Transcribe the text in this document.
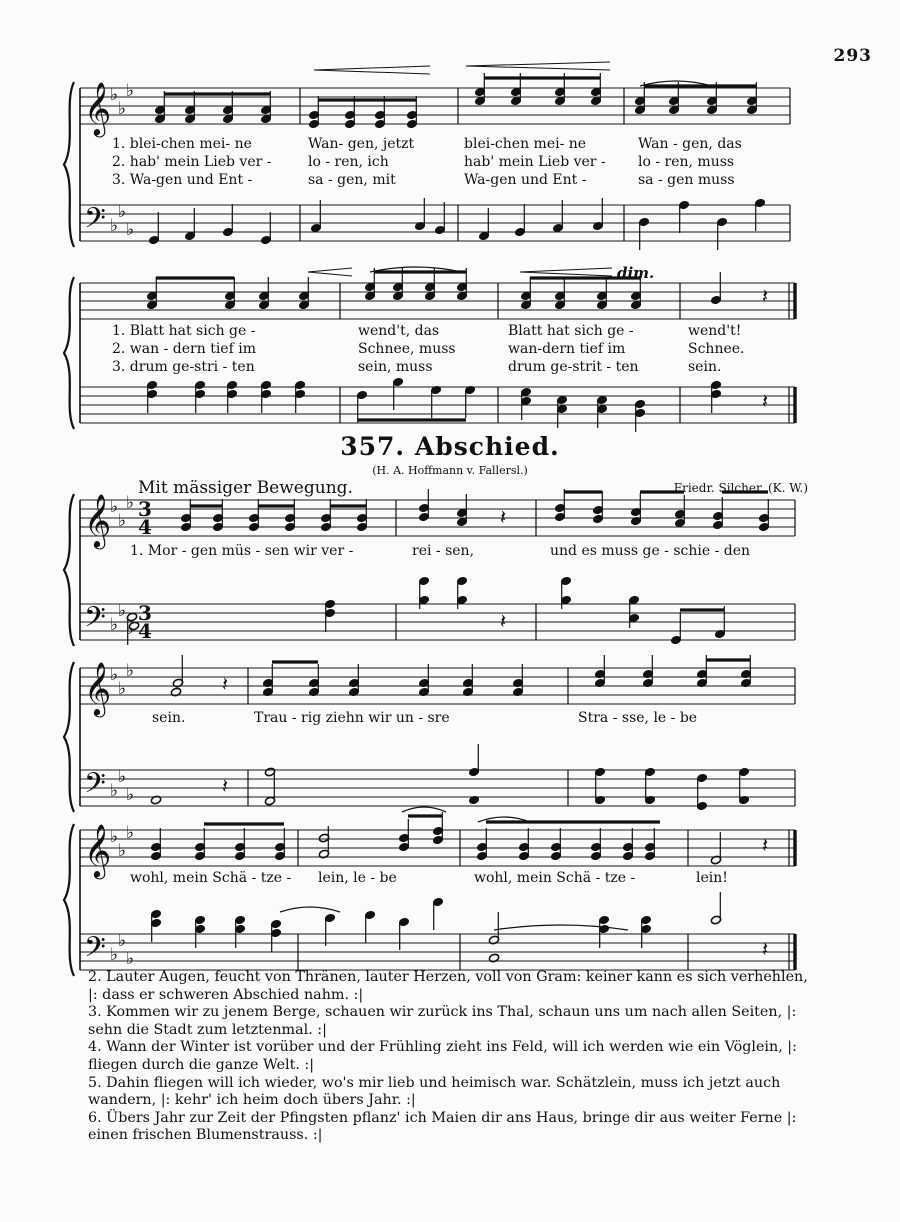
𝄞
𝄢
♭
♭
♭
♭
♭
♭
𝄽
𝄽
𝄞
𝄢
♭
♭
♭
♭
♭
♭
3
4
3
4
𝄽
𝄽
𝄞
𝄢
♭
♭
♭
♭
♭
♭
𝄽
𝄽
𝄞
𝄢
♭
♭
♭
♭
♭
♭
𝄽
𝄽
293
1. blei-chen mei- ne
2. hab' mein Lieb ver -
3. Wa-gen und Ent -
Wan- gen, jetzt
lo - ren, ich
sa - gen, mit
blei-chen mei- ne
hab' mein Lieb ver -
Wa-gen und Ent -
Wan - gen, das
lo - ren, muss
sa - gen muss
dim.
1. Blatt hat sich ge -
2. wan - dern tief im
3. drum ge-stri - ten
wend't, das
Schnee, muss
sein, muss
Blatt hat sich ge -
wan-dern tief im
drum ge-strit - ten
wend't!
Schnee.
sein.
357. Abschied.
(H. A. Hoffmann v. Fallersl.)
Mit mässiger Bewegung.	Friedr. Silcher. (K. W.)
1. Mor - gen müs - sen wir ver -	rei - sen,	und es muss ge - schie - den
sein.	Trau - rig ziehn wir un - sre	Stra - sse, le - be
wohl, mein Schä - tze - lein, le - be	wohl, mein Schä - tze -	lein!

2. Lauter Augen, feucht von Thränen, lauter Herzen, voll von Gram: keiner kann es sich verhehlen, |: dass er schweren Abschied nahm. :|

3. Kommen wir zu jenem Berge, schauen wir zurück ins Thal, schaun uns um nach allen Seiten, |: sehn die Stadt zum letztenmal. :|

4. Wann der Winter ist vorüber und der Frühling zieht ins Feld, will ich werden wie ein Vöglein, |: fliegen durch die ganze Welt. :|

5. Dahin fliegen will ich wieder, wo's mir lieb und heimisch war. Schätzlein, muss ich jetzt auch wandern, |: kehr' ich heim doch übers Jahr. :|

6. Übers Jahr zur Zeit der Pfingsten pflanz' ich Maien dir ans Haus, bringe dir aus weiter Ferne |: einen frischen Blumenstrauss. :|
